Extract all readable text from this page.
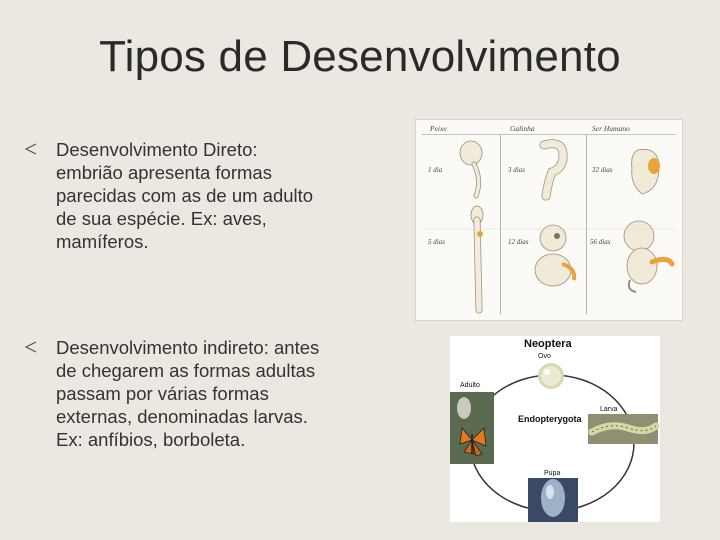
Tipos de Desenvolvimento
Desenvolvimento Direto:
embrião apresenta formas
parecidas com as de um adulto
de sua espécie. Ex: aves,
mamíferos.
Desenvolvimento indireto: antes
de chegarem as formas adultas
passam por várias formas
externas, denominadas larvas.
Ex: anfíbios, borboleta.
Peixe	Galinha	Ser Humano
1 dia	3 dias	32 dias
5 dias	12 dias	56 dias
Neoptera
Ovo
Larva
Pupa
Adulto
Endopterygota
